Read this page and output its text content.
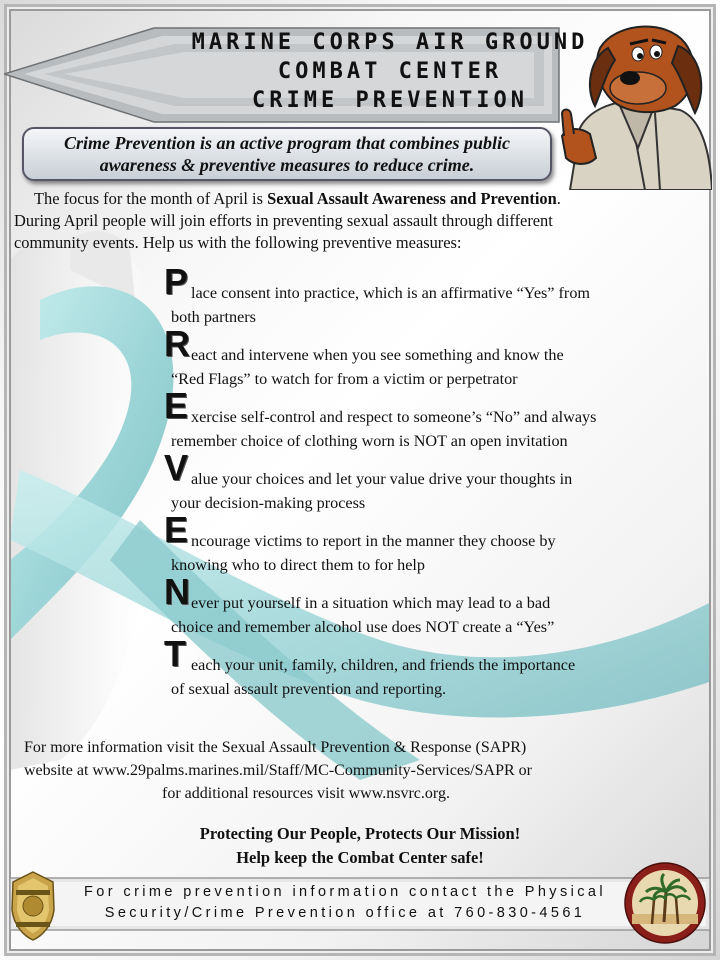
MARINE CORPS AIR GROUND
COMBAT CENTER
CRIME PREVENTION
Crime Prevention is an active program that combines public awareness & preventive measures to reduce crime.
The focus for the month of April is Sexual Assault Awareness and Prevention.
During April people will join efforts in preventing sexual assault through different
community events. Help us with the following preventive measures:
P lace consent into practice, which is an affirmative “Yes” from
both partners
R eact and intervene when you see something and know the
“Red Flags” to watch for from a victim or perpetrator
E xercise self-control and respect to someone’s “No” and always
remember choice of clothing worn is NOT an open invitation
V alue your choices and let your value drive your thoughts in
your decision-making process
E ncourage victims to report in the manner they choose by
knowing who to direct them to for help
N ever put yourself in a situation which may lead to a bad
choice and remember alcohol use does NOT create a “Yes”
T each your unit, family, children, and friends the importance
of sexual assault prevention and reporting.
For more information visit the Sexual Assault Prevention & Response (SAPR)
website at www.29palms.marines.mil/Staff/MC-Community-Services/SAPR or
for additional resources visit www.nsvrc.org.
Protecting Our People, Protects Our Mission!
Help keep the Combat Center safe!
For crime prevention information contact the Physical
Security/Crime Prevention office at 760-830-4561
